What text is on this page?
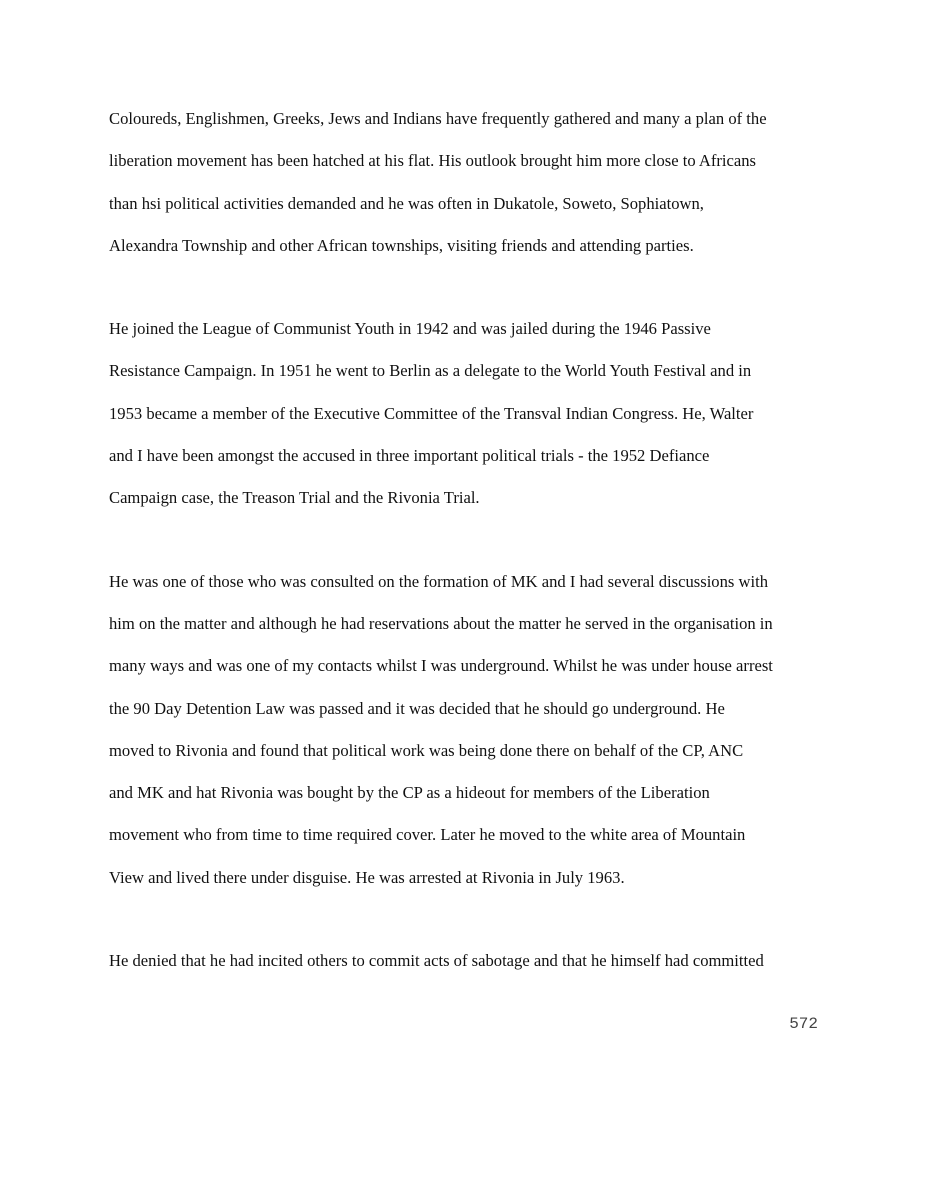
Coloureds, Englishmen, Greeks, Jews and Indians have frequently gathered and many a plan of the
liberation movement has been hatched at his flat. His outlook brought him more close to Africans
than hsi political activities demanded and he was often in Dukatole, Soweto, Sophiatown,
Alexandra Township and other African townships, visiting friends and attending parties.
He joined the League of Communist Youth in 1942 and was jailed during the 1946 Passive
Resistance Campaign. In 1951 he went to Berlin as a delegate to the World Youth Festival and in
1953 became a member of the Executive Committee of the Transval Indian Congress. He, Walter
and I have been amongst the accused in three important political trials - the 1952 Defiance
Campaign case, the Treason Trial and the Rivonia Trial.
He was one of those who was consulted on the formation of MK and I had several discussions with
him on the matter and although he had reservations about the matter he served in the organisation in
many ways and was one of my contacts whilst I was underground. Whilst he was under house arrest
the 90 Day Detention Law was passed and it was decided that he should go underground. He
moved to Rivonia and found that political work was being done there on behalf of the CP, ANC
and MK and hat Rivonia was bought by the CP as a hideout for members of the Liberation
movement who from time to time required cover. Later he moved to the white area of Mountain
View and lived there under disguise. He was arrested at Rivonia in July 1963.
He denied that he had incited others to commit acts of sabotage and that he himself had committed
572
